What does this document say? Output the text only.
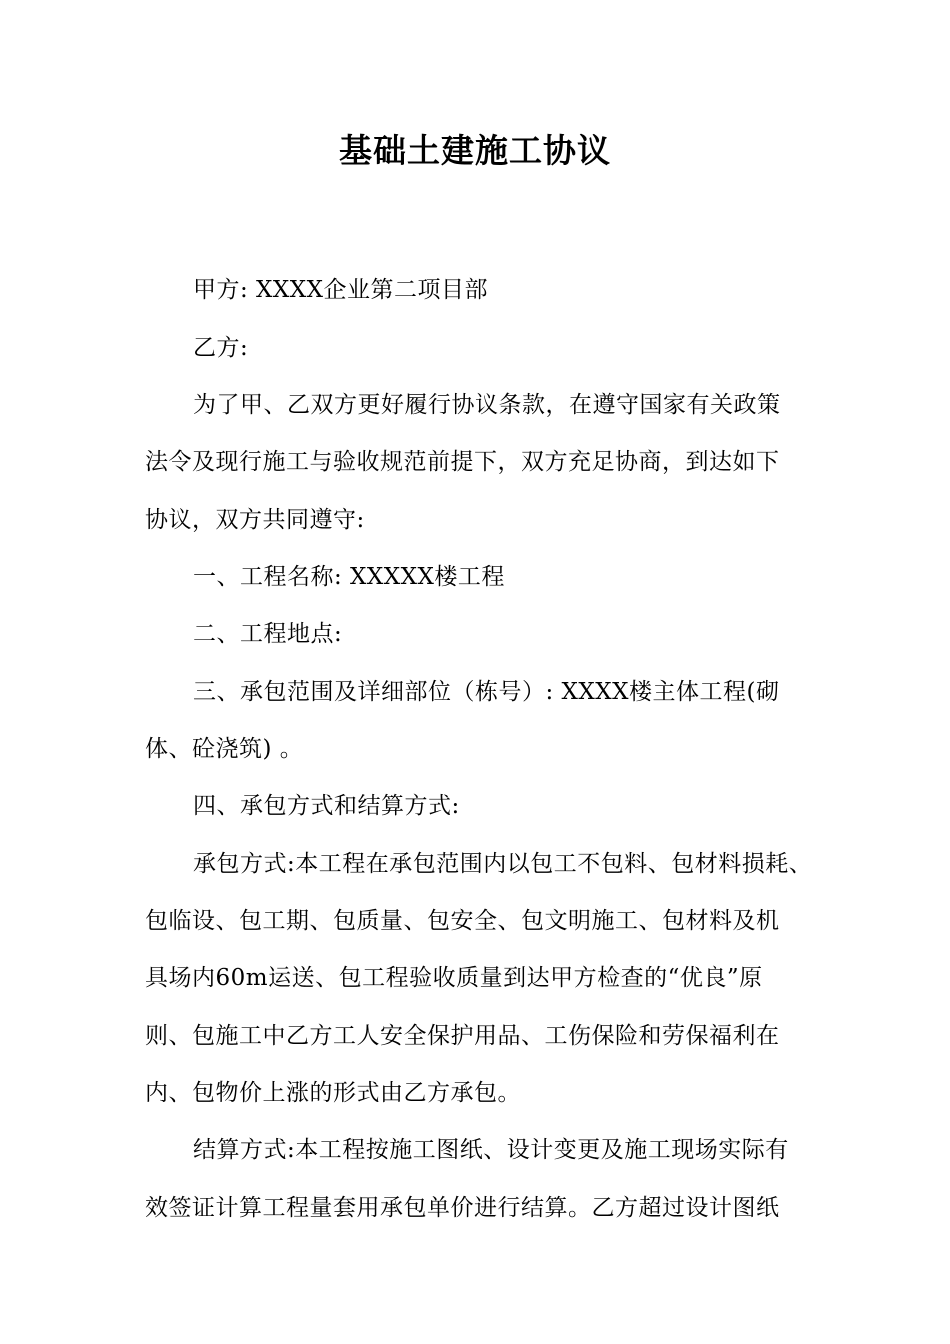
基础土建施工协议
甲方: XXXX企业第二项目部
乙方:
为了甲、乙双方更好履行协议条款，在遵守国家有关政策
法令及现行施工与验收规范前提下，双方充足协商，到达如下
协议，双方共同遵守:
一、工程名称: XXXXX楼工程
二、工程地点:
三、承包范围及详细部位（栋号）: XXXX楼主体工程(砌
体、砼浇筑) 。
四、承包方式和结算方式:
承包方式:本工程在承包范围内以包工不包料、包材料损耗、
包临设、包工期、包质量、包安全、包文明施工、包材料及机
具场内60m运送、包工程验收质量到达甲方检查的“优良”原
则、包施工中乙方工人安全保护用品、工伤保险和劳保福利在
内、包物价上涨的形式由乙方承包。
结算方式:本工程按施工图纸、设计变更及施工现场实际有
效签证计算工程量套用承包单价进行结算。乙方超过设计图纸
